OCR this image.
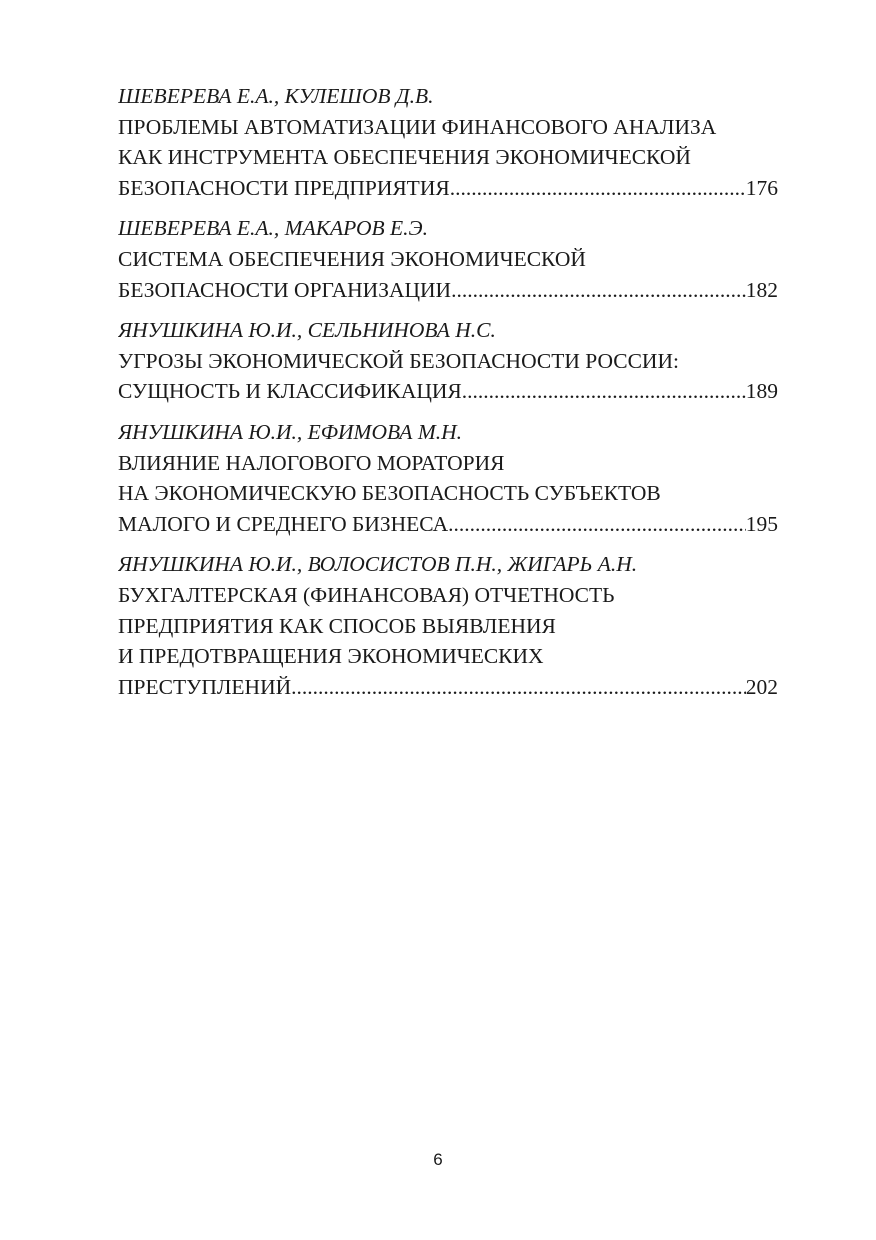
ШЕВЕРЕВА Е.А., КУЛЕШОВ Д.В.
ПРОБЛЕМЫ АВТОМАТИЗАЦИИ ФИНАНСОВОГО АНАЛИЗА
КАК ИНСТРУМЕНТА ОБЕСПЕЧЕНИЯ ЭКОНОМИЧЕСКОЙ
БЕЗОПАСНОСТИ ПРЕДПРИЯТИЯ .....	176
ШЕВЕРЕВА Е.А., МАКАРОВ Е.Э.
СИСТЕМА ОБЕСПЕЧЕНИЯ ЭКОНОМИЧЕСКОЙ
БЕЗОПАСНОСТИ ОРГАНИЗАЦИИ .....	182
ЯНУШКИНА Ю.И., СЕЛЬНИНОВА Н.С.
УГРОЗЫ ЭКОНОМИЧЕСКОЙ БЕЗОПАСНОСТИ РОССИИ:
СУЩНОСТЬ И КЛАССИФИКАЦИЯ .....	189
ЯНУШКИНА Ю.И., ЕФИМОВА М.Н.
ВЛИЯНИЕ НАЛОГОВОГО МОРАТОРИЯ
НА ЭКОНОМИЧЕСКУЮ БЕЗОПАСНОСТЬ СУБЪЕКТОВ
МАЛОГО И СРЕДНЕГО БИЗНЕСА .....	195
ЯНУШКИНА Ю.И., ВОЛОСИСТОВ П.Н., ЖИГАРЬ А.Н.
БУХГАЛТЕРСКАЯ (ФИНАНСОВАЯ) ОТЧЕТНОСТЬ
ПРЕДПРИЯТИЯ КАК СПОСОБ ВЫЯВЛЕНИЯ
И ПРЕДОТВРАЩЕНИЯ ЭКОНОМИЧЕСКИХ
ПРЕСТУПЛЕНИЙ .....	202
6
